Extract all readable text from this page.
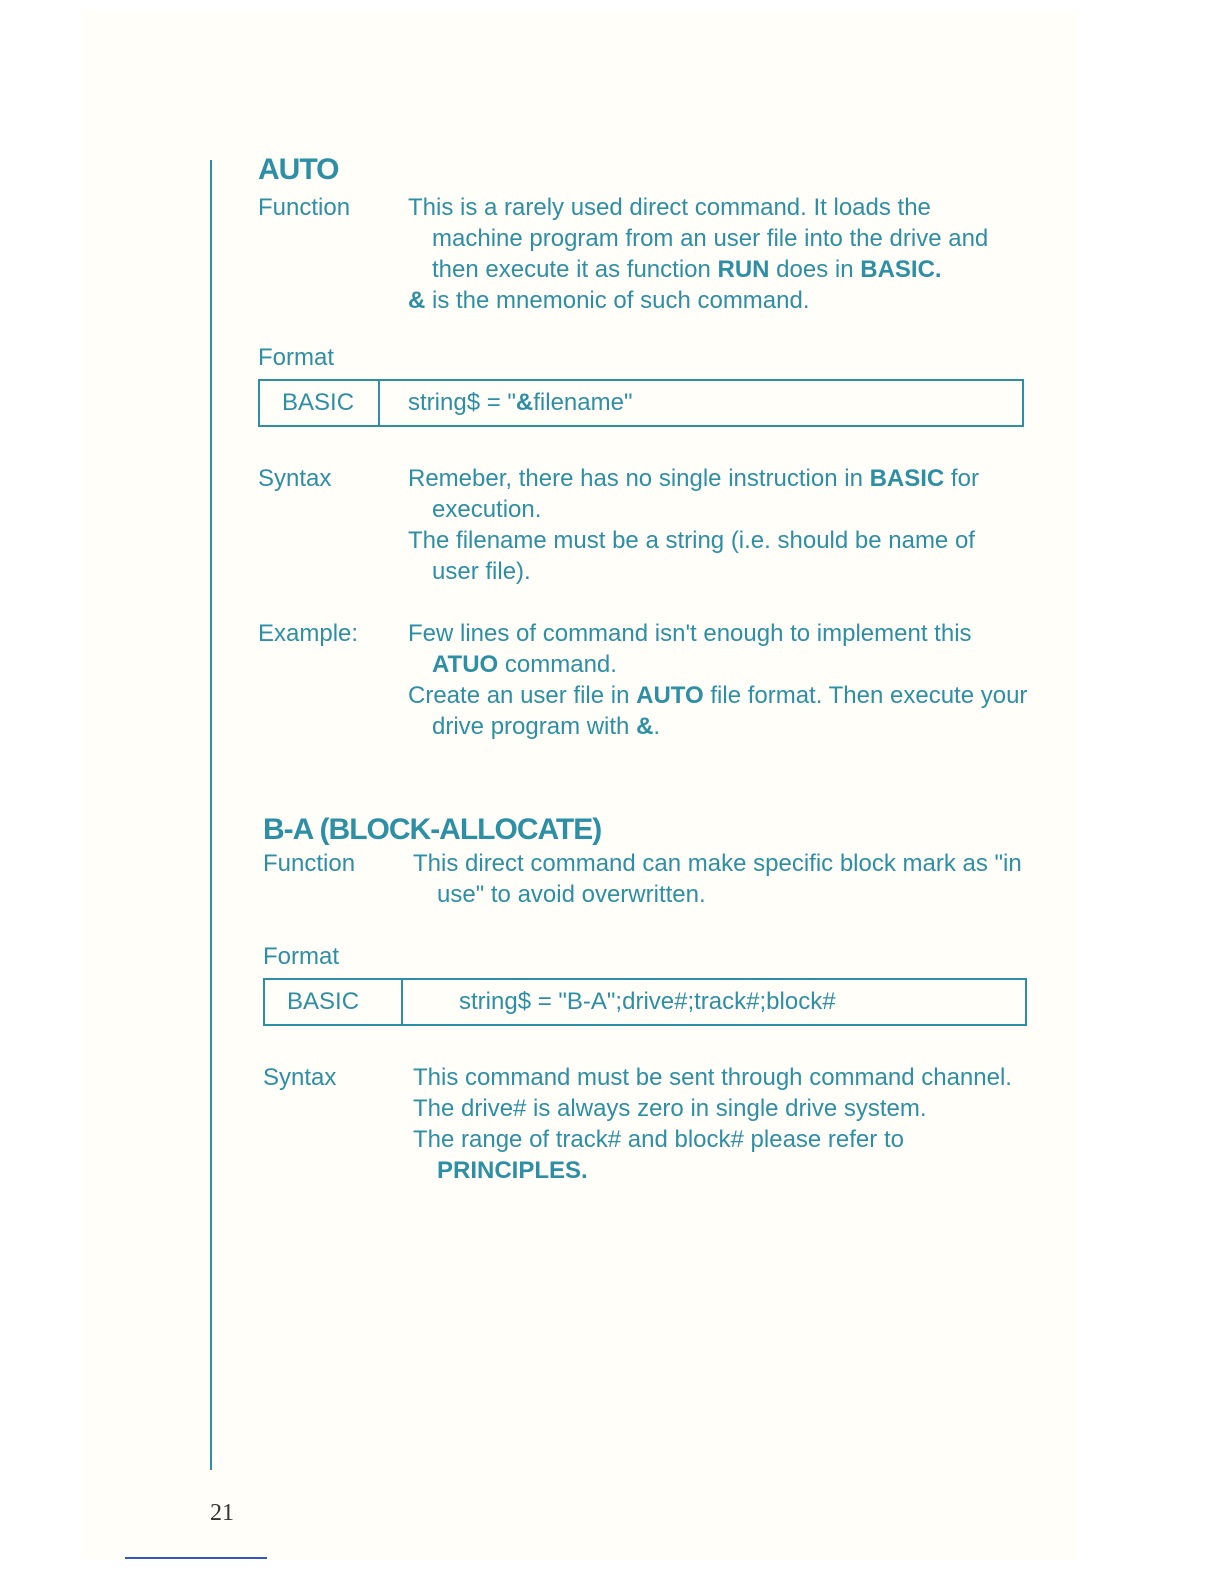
AUTO
Function	This is a rarely used direct command. It loads the machine program from an user file into the drive and then execute it as function RUN does in BASIC.

& is the mnemonic of such command.

Format

BASIC	string$ = " & filename"
Syntax	Remeber, there has no single instruction in BASIC for execution.

The filename must be a string (i.e. should be name of user file).

Example:	Few lines of command isn't enough to implement this ATUO command.

Create an user file in AUTO file format. Then execute your drive program with &.

B-A (BLOCK-ALLOCATE)
Function	This direct command can make specific block mark as "in use" to avoid overwritten.

Format

BASIC	string$ = "B-A";drive#;track#;block#
Syntax	This command must be sent through command channel.

The drive# is always zero in single drive system.

The range of track# and block# please refer to PRINCIPLES.

21
